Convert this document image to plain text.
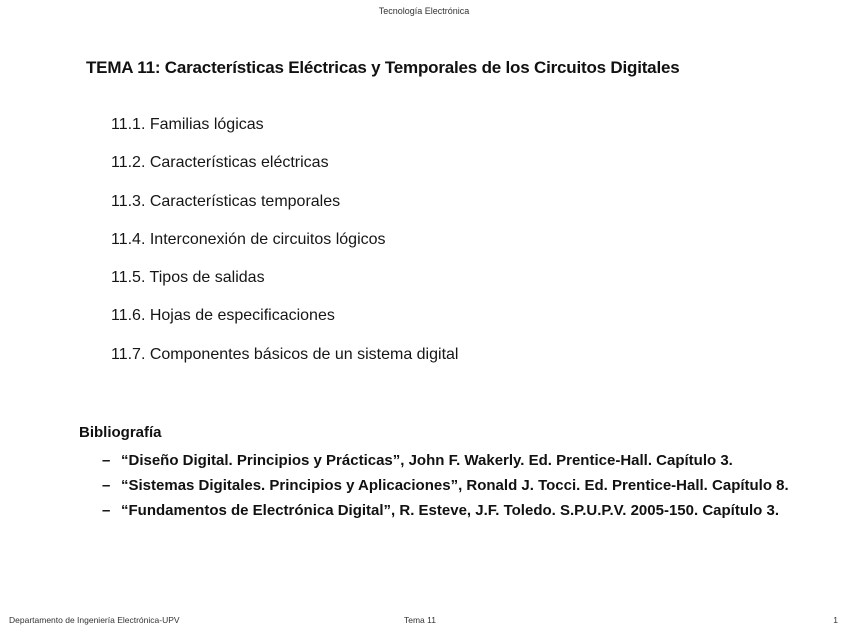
Tecnología Electrónica
TEMA 11: Características Eléctricas y Temporales de los Circuitos Digitales
11.1. Familias lógicas
11.2. Características eléctricas
11.3. Características temporales
11.4. Interconexión de circuitos lógicos
11.5. Tipos de salidas
11.6. Hojas de especificaciones
11.7. Componentes básicos de un sistema digital
Bibliografía
– “Diseño Digital. Principios y Prácticas”, John F. Wakerly. Ed. Prentice-Hall. Capítulo 3.
– “Sistemas Digitales. Principios y Aplicaciones”, Ronald J. Tocci. Ed. Prentice-Hall. Capítulo 8.
– “Fundamentos de Electrónica Digital”, R. Esteve, J.F. Toledo. S.P.U.P.V. 2005-150. Capítulo 3.
Departamento de Ingeniería Electrónica-UPV	Tema 11	1
